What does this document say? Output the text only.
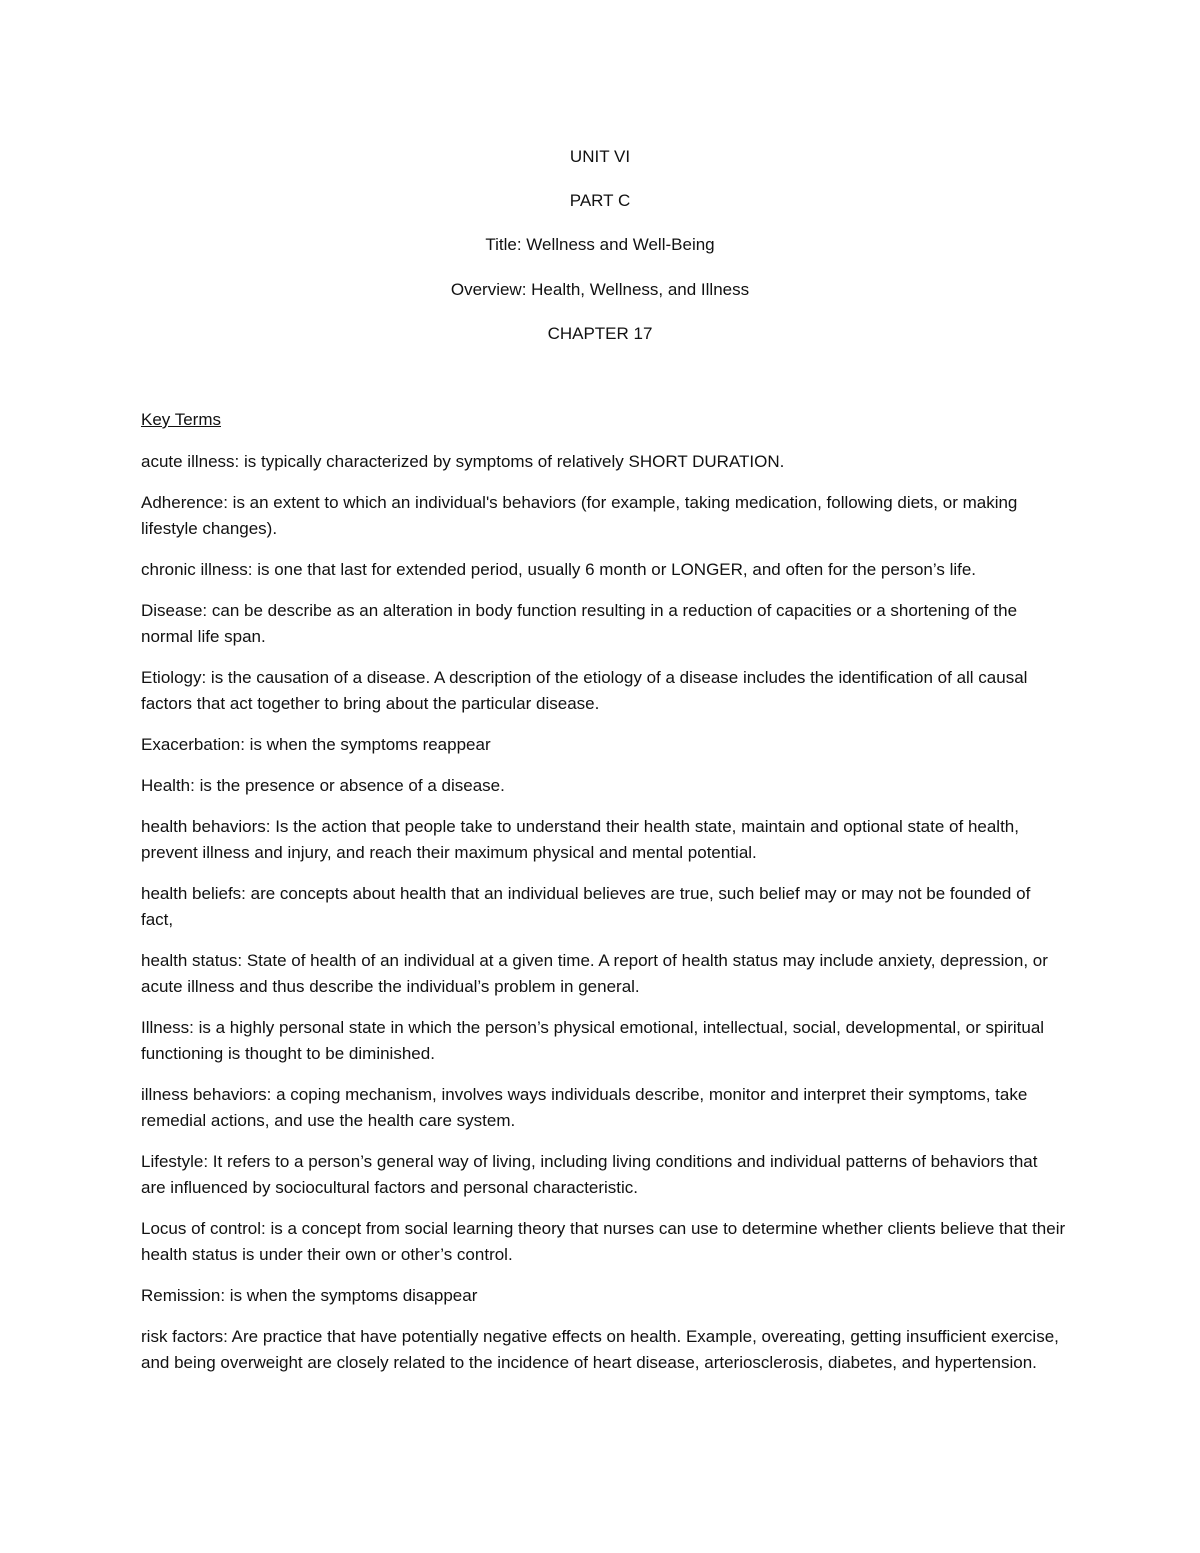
UNIT VI

PART C

Title: Wellness and Well-Being

Overview: Health, Wellness, and Illness

CHAPTER 17

Key Terms

acute illness: is typically characterized by symptoms of relatively SHORT DURATION.
Adherence: is an extent to which an individual's behaviors (for example, taking medication, following diets, or making lifestyle changes).
chronic illness: is one that last for extended period, usually 6 month or LONGER, and often for the person’s life.
Disease: can be describe as an alteration in body function resulting in a reduction of capacities or a shortening of the normal life span.
Etiology: is the causation of a disease. A description of the etiology of a disease includes the identification of all causal factors that act together to bring about the particular disease.
Exacerbation: is when the symptoms reappear
Health: is the presence or absence of a disease.
health behaviors: Is the action that people take to understand their health state, maintain and optional state of health, prevent illness and injury, and reach their maximum physical and mental potential.
health beliefs: are concepts about health that an individual believes are true, such belief may or may not be founded of fact,
health status: State of health of an individual at a given time. A report of health status may include anxiety, depression, or acute illness and thus describe the individual’s problem in general.
Illness: is a highly personal state in which the person’s physical emotional, intellectual, social, developmental, or spiritual functioning is thought to be diminished.
illness behaviors: a coping mechanism, involves ways individuals describe, monitor and interpret their symptoms, take remedial actions, and use the health care system.
Lifestyle: It refers to a person’s general way of living, including living conditions and individual patterns of behaviors that are influenced by sociocultural factors and personal characteristic.
Locus of control: is a concept from social learning theory that nurses can use to determine whether clients believe that their health status is under their own or other’s control.
Remission: is when the symptoms disappear
risk factors: Are practice that have potentially negative effects on health. Example, overeating, getting insufficient exercise, and being overweight are closely related to the incidence of heart disease, arteriosclerosis, diabetes, and hypertension.
